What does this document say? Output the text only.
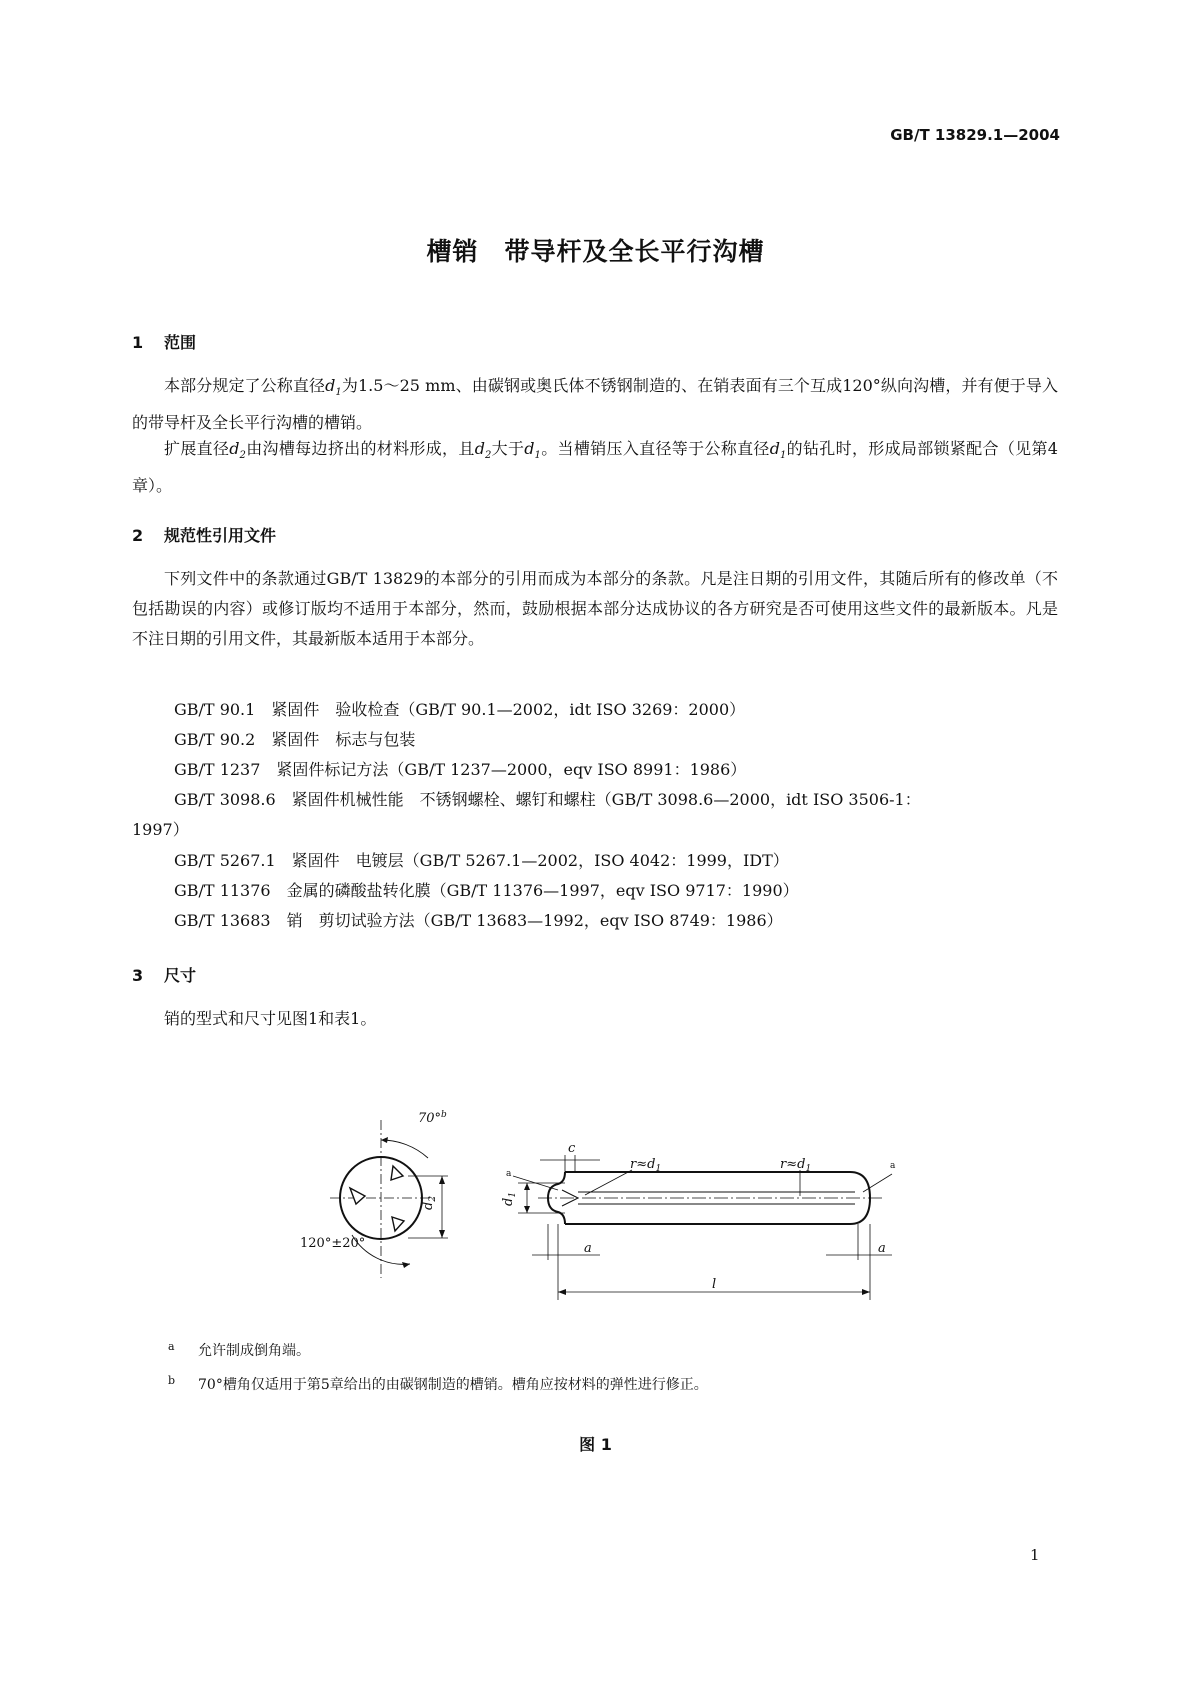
GB/T 13829.1—2004
槽销　带导杆及全长平行沟槽
1 范围
本部分规定了公称直径$d_1$为1.5～25 mm、由碳钢或奥氏体不锈钢制造的、在销表面有三个互成120°纵向沟槽，并有便于导入的带导杆及全长平行沟槽的槽销。
扩展直径$d_2$由沟槽每边挤出的材料形成，且$d_2$大于$d_1$。当槽销压入直径等于公称直径$d_1$的钻孔时，形成局部锁紧配合（见第4章）。
2 规范性引用文件
下列文件中的条款通过GB/T 13829的本部分的引用而成为本部分的条款。凡是注日期的引用文件，其随后所有的修改单（不包括勘误的内容）或修订版均不适用于本部分，然而，鼓励根据本部分达成协议的各方研究是否可使用这些文件的最新版本。凡是不注日期的引用文件，其最新版本适用于本部分。
GB/T 90.1　紧固件　验收检查（GB/T 90.1—2002，idt ISO 3269：2000）
GB/T 90.2　紧固件　标志与包装
GB/T 1237　紧固件标记方法（GB/T 1237—2000，eqv ISO 8991：1986）
GB/T 3098.6　紧固件机械性能　不锈钢螺栓、螺钉和螺柱（GB/T 3098.6—2000，idt ISO 3506-1：
1997）
GB/T 5267.1　紧固件　电镀层（GB/T 5267.1—2002，ISO 4042：1999，IDT）
GB/T 11376　金属的磷酸盐转化膜（GB/T 11376—1997，eqv ISO 9717：1990）
GB/T 13683　销　剪切试验方法（GB/T 13683—1992，eqv ISO 8749：1986）
3 尺寸
销的型式和尺寸见图1和表1。
70°$^b$
120°±20°
$d_2$	$d_1$
c
$r\approx d_1$	$r\approx d_1$
a
a
a	a
l
a 允许制成倒角端。
b 70°槽角仅适用于第5章给出的由碳钢制造的槽销。槽角应按材料的弹性进行修正。
图 1
1
